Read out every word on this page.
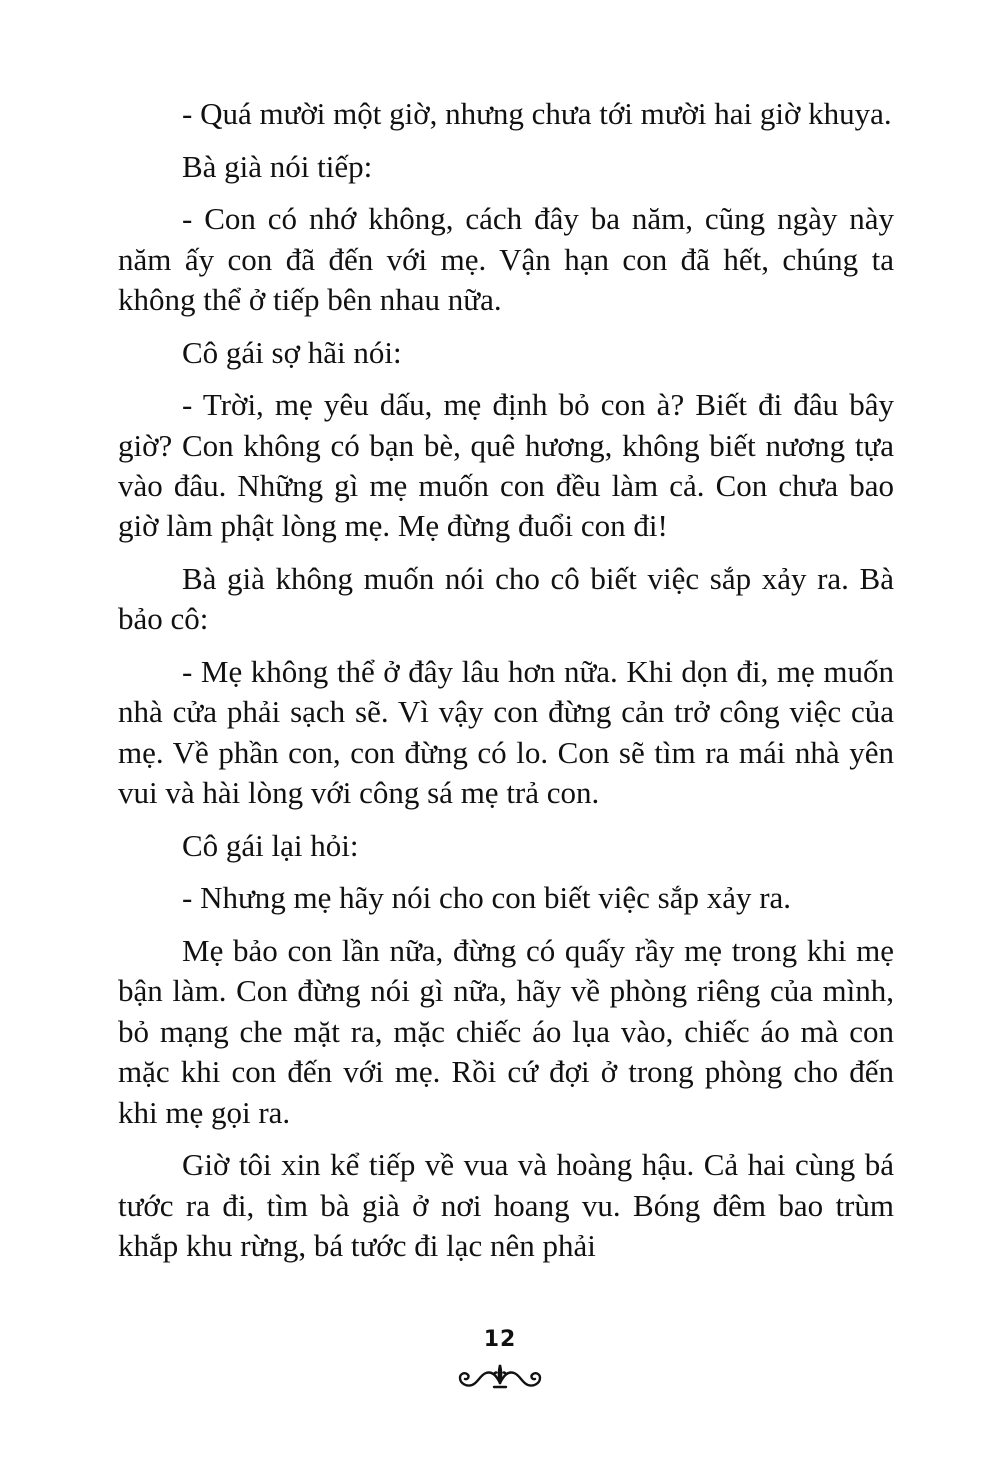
- Quá mười một giờ, nhưng chưa tới mười hai giờ khuya.

Bà già nói tiếp:

- Con có nhớ không, cách đây ba năm, cũng ngày này năm ấy con đã đến với mẹ. Vận hạn con đã hết, chúng ta không thể ở tiếp bên nhau nữa.

Cô gái sợ hãi nói:

- Trời, mẹ yêu dấu, mẹ định bỏ con à? Biết đi đâu bây giờ? Con không có bạn bè, quê hương, không biết nương tựa vào đâu. Những gì mẹ muốn con đều làm cả. Con chưa bao giờ làm phật lòng mẹ. Mẹ đừng đuổi con đi!

Bà già không muốn nói cho cô biết việc sắp xảy ra. Bà bảo cô:

- Mẹ không thể ở đây lâu hơn nữa. Khi dọn đi, mẹ muốn nhà cửa phải sạch sẽ. Vì vậy con đừng cản trở công việc của mẹ. Về phần con, con đừng có lo. Con sẽ tìm ra mái nhà yên vui và hài lòng với công sá mẹ trả con.

Cô gái lại hỏi:

- Nhưng mẹ hãy nói cho con biết việc sắp xảy ra.

Mẹ bảo con lần nữa, đừng có quấy rầy mẹ trong khi mẹ bận làm. Con đừng nói gì nữa, hãy về phòng riêng của mình, bỏ mạng che mặt ra, mặc chiếc áo lụa vào, chiếc áo mà con mặc khi con đến với mẹ. Rồi cứ đợi ở trong phòng cho đến khi mẹ gọi ra.

Giờ tôi xin kể tiếp về vua và hoàng hậu. Cả hai cùng bá tước ra đi, tìm bà già ở nơi hoang vu. Bóng đêm bao trùm khắp khu rừng, bá tước đi lạc nên phải

12
